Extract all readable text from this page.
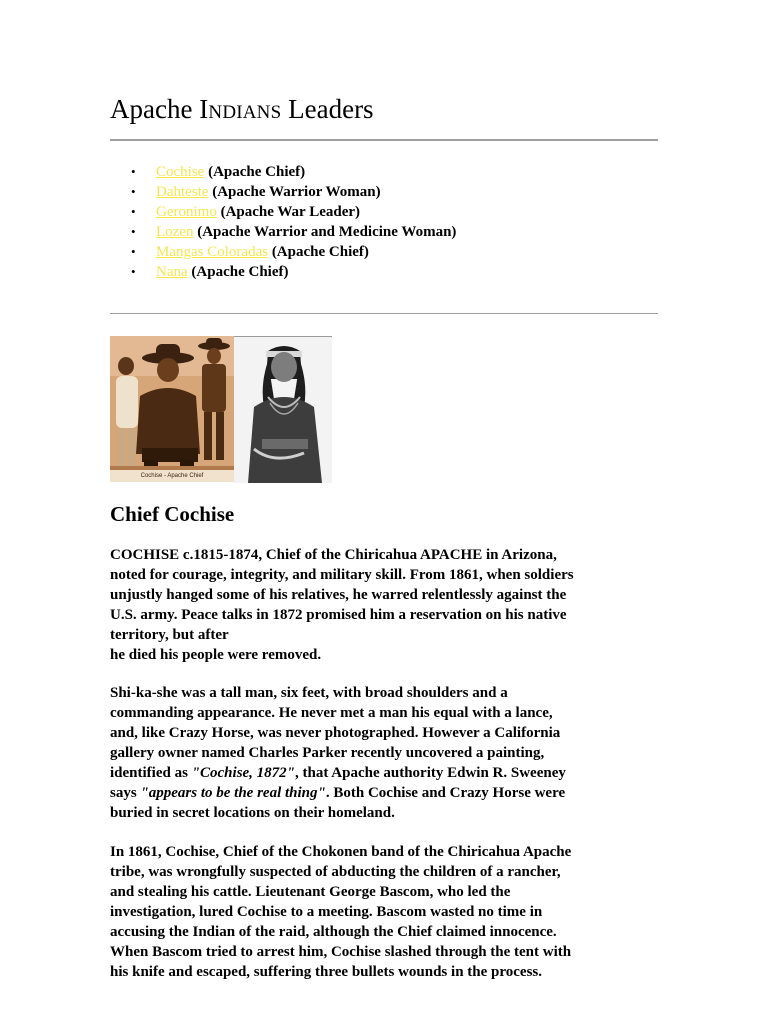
Apache Indians Leaders
• Cochise (Apache Chief)
• Dahteste (Apache Warrior Woman)
• Geronimo (Apache War Leader)
• Lozen (Apache Warrior and Medicine Woman)
• Mangas Coloradas (Apache Chief)
• Nana (Apache Chief)
Cochise - Apache Chief
Chief Cochise

COCHISE c.1815-1874, Chief of the Chiricahua APACHE in Arizona,
noted for courage, integrity, and military skill. From 1861, when soldiers
unjustly hanged some of his relatives, he warred relentlessly against the
U.S. army. Peace talks in 1872 promised him a reservation on his native
territory, but after
he died his people were removed.

Shi-ka-she was a tall man, six feet, with broad shoulders and a
commanding appearance. He never met a man his equal with a lance,
and, like Crazy Horse, was never photographed. However a California
gallery owner named Charles Parker recently uncovered a painting,
identified as "Cochise, 1872", that Apache authority Edwin R. Sweeney
says "appears to be the real thing". Both Cochise and Crazy Horse were
buried in secret locations on their homeland.

In 1861, Cochise, Chief of the Chokonen band of the Chiricahua Apache
tribe, was wrongfully suspected of abducting the children of a rancher,
and stealing his cattle. Lieutenant George Bascom, who led the
investigation, lured Cochise to a meeting. Bascom wasted no time in
accusing the Indian of the raid, although the Chief claimed innocence.
When Bascom tried to arrest him, Cochise slashed through the tent with
his knife and escaped, suffering three bullets wounds in the process.
